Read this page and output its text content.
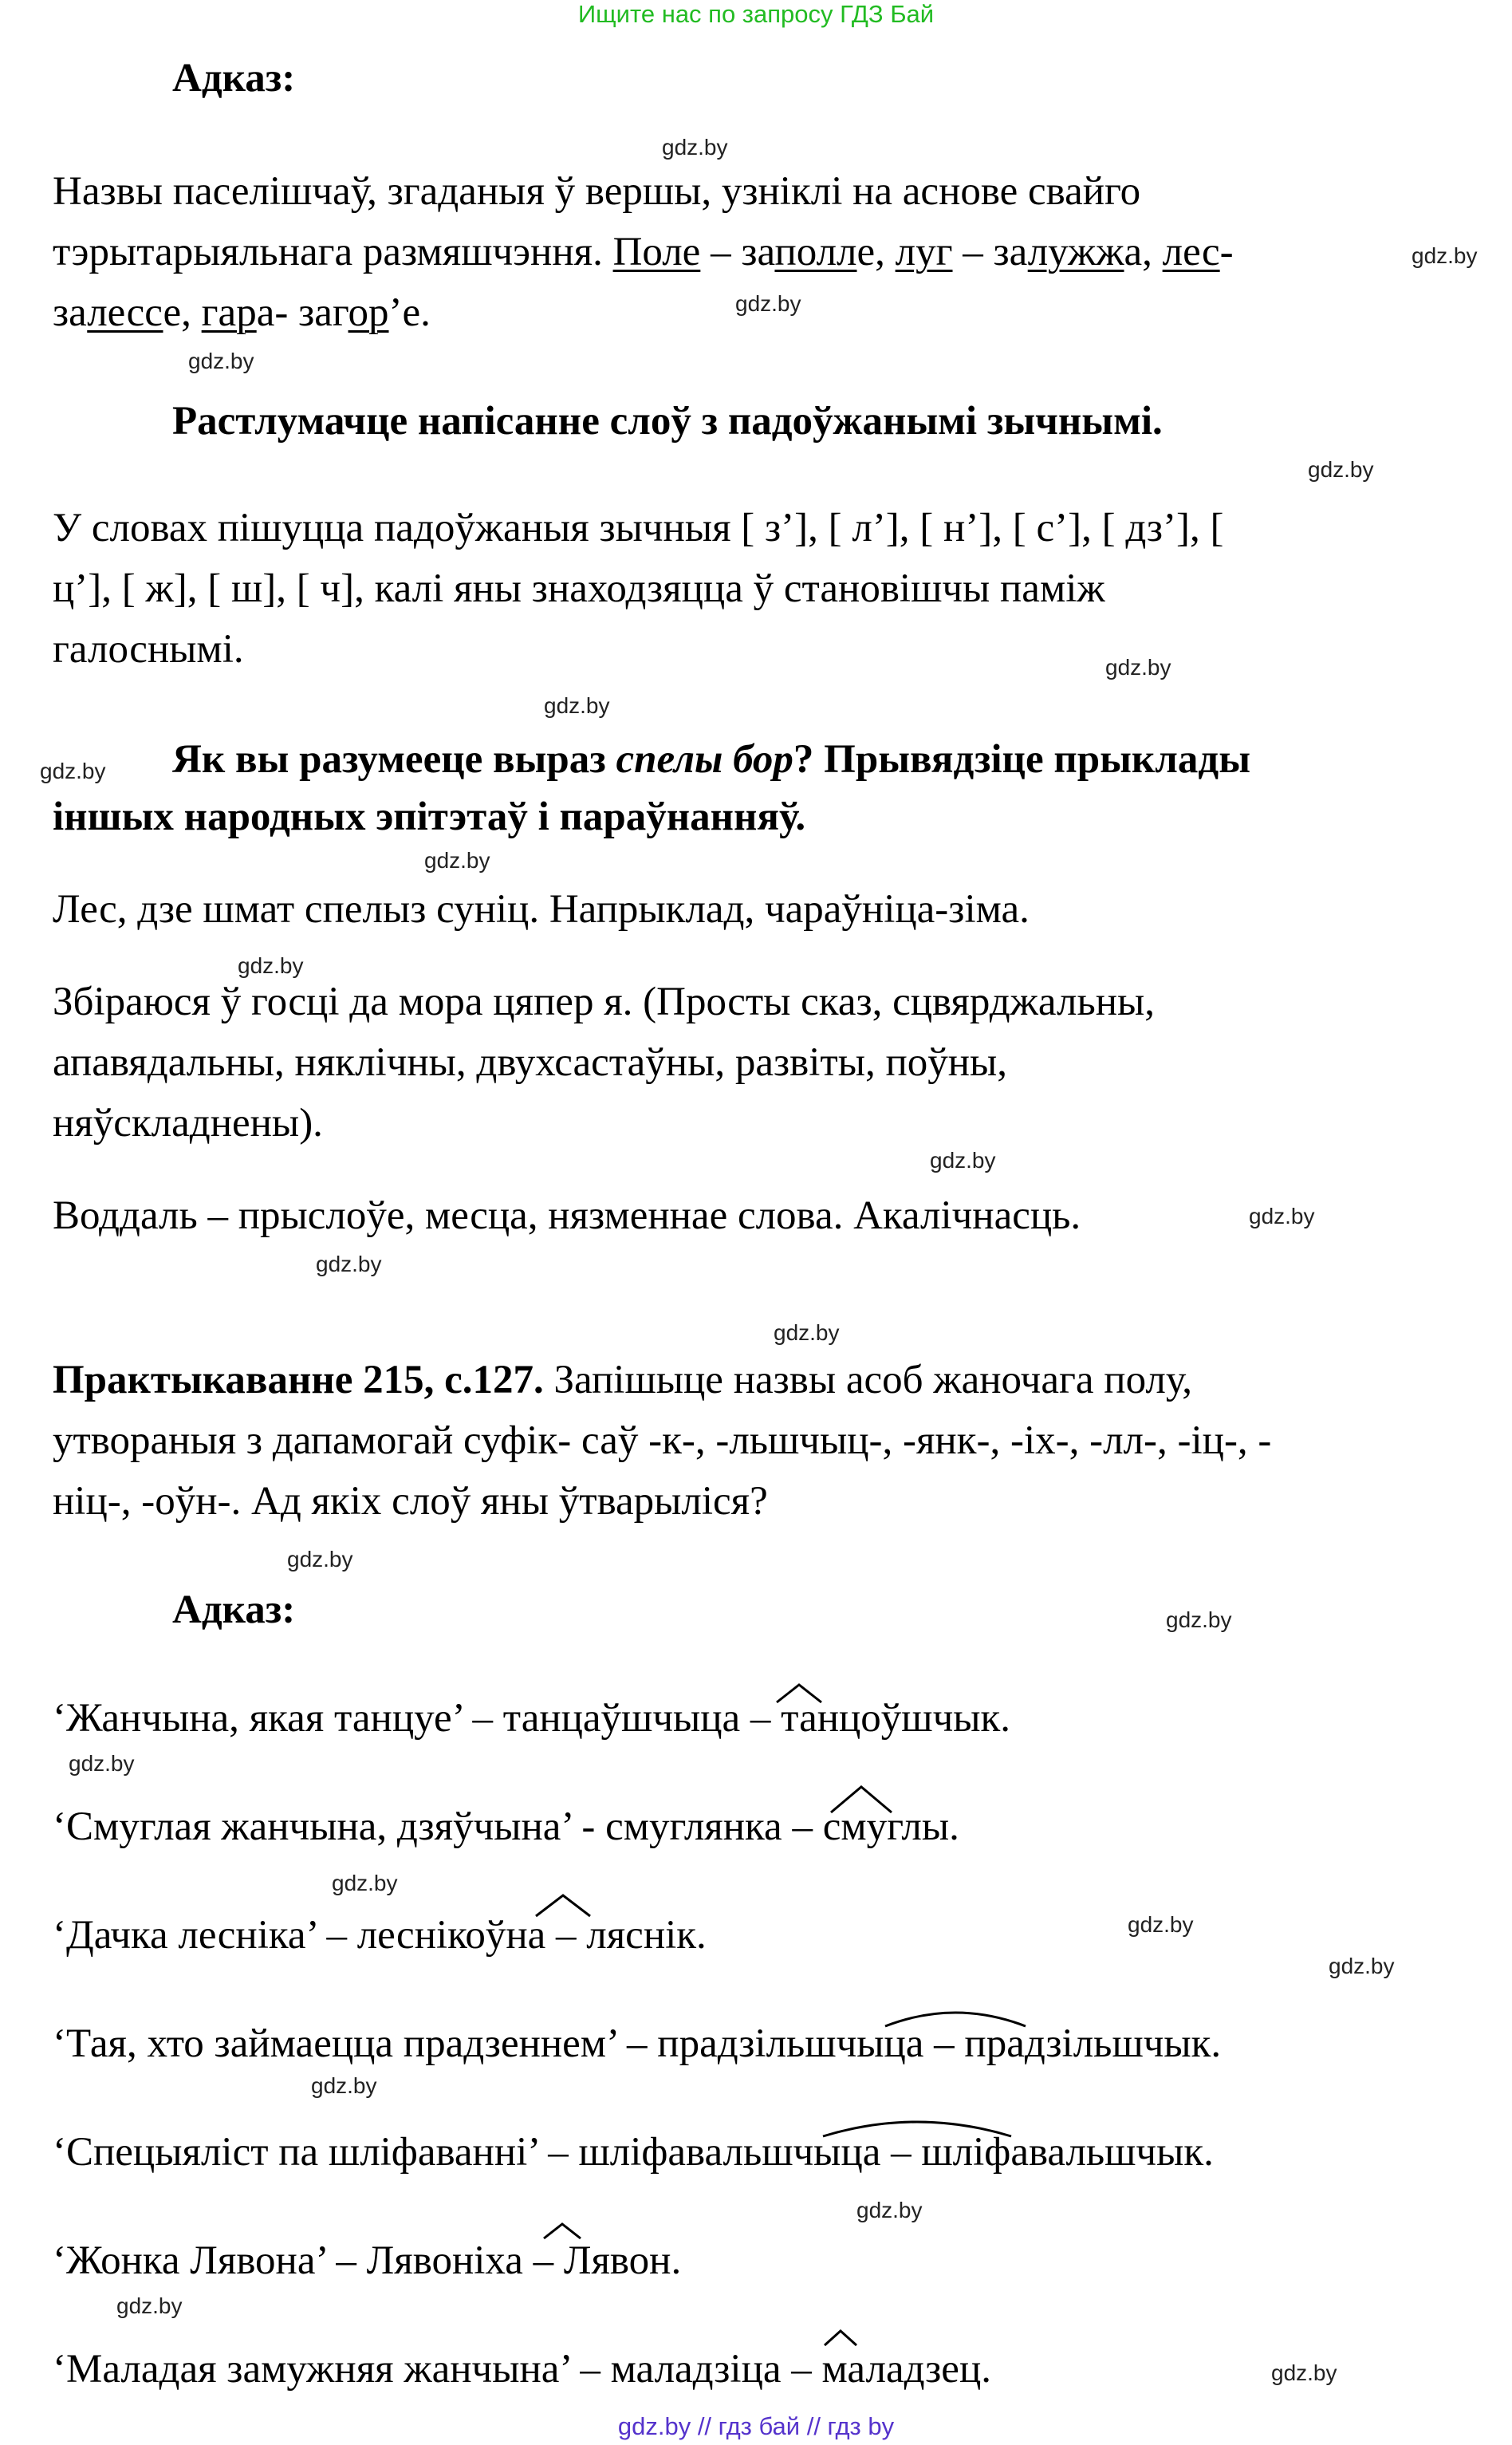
Ищите нас по запросу ГДЗ Бай
Адказ:
Назвы паселішчаў, згаданыя ў вершы, узніклі на аснове свайго
тэрытарыяльнага размяшчэння. Поле – заполле, луг – залужжа, лес-
залессе, гара- загор’е.
Растлумачце напісанне слоў з падоўжанымі зычнымі.
У словах пішуцца падоўжаныя зычныя [ з’], [ л’], [ н’], [ с’], [ дз’], [
ц’], [ ж], [ ш], [ ч], калі яны знаходзяцца ў становішчы паміж
галоснымі.
Як вы разумееце выраз спелы бор? Прывядзіце прыклады
іншых народных эпітэтаў і параўнанняў.
Лес, дзе шмат спелыз суніц. Напрыклад, чараўніца-зіма.
Збіраюся ў госці да мора цяпер я. (Просты сказ, сцвярджальны,
апавядальны, няклічны, двухсастаўны, развіты, поўны,
няўскладнены).
Воддаль – прыслоўе, месца, нязменнае слова. Акалічнасць.
Практыкаванне 215, с.127. Запішыце назвы асоб жаночага полу,
утвораныя з дапамогай суфік- саў -к-, -льшчыц-, -янк-, -іх-, -лл-, -іц-, -
ніц-, -оўн-. Ад якіх слоў яны ўтварыліся?
Адказ:
‘Жанчына, якая танцуе’ – танцаўшчыца – танцоўшчык.
‘Смуглая жанчына, дзяўчына’ - смуглянка – смуглы.
‘Дачка лесніка’ – леснікоўна – ляснік.
‘Тая, хто займаецца прадзеннем’ – прадзільшчыца – прадзільшчык.
‘Спецыяліст па шліфаванні’ – шліфавальшчыца – шліфавальшчык.
‘Жонка Лявона’ – Лявоніха – Лявон.
‘Маладая замужняя жанчына’ – маладзіца – маладзец.
gdz.by
gdz.by
gdz.by
gdz.by
gdz.by
gdz.by
gdz.by
gdz.by
gdz.by
gdz.by
gdz.by
gdz.by
gdz.by
gdz.by
gdz.by
gdz.by
gdz.by
gdz.by
gdz.by
gdz.by
gdz.by
gdz.by
gdz.by
gdz.by
gdz.by // гдз бай // гдз by
